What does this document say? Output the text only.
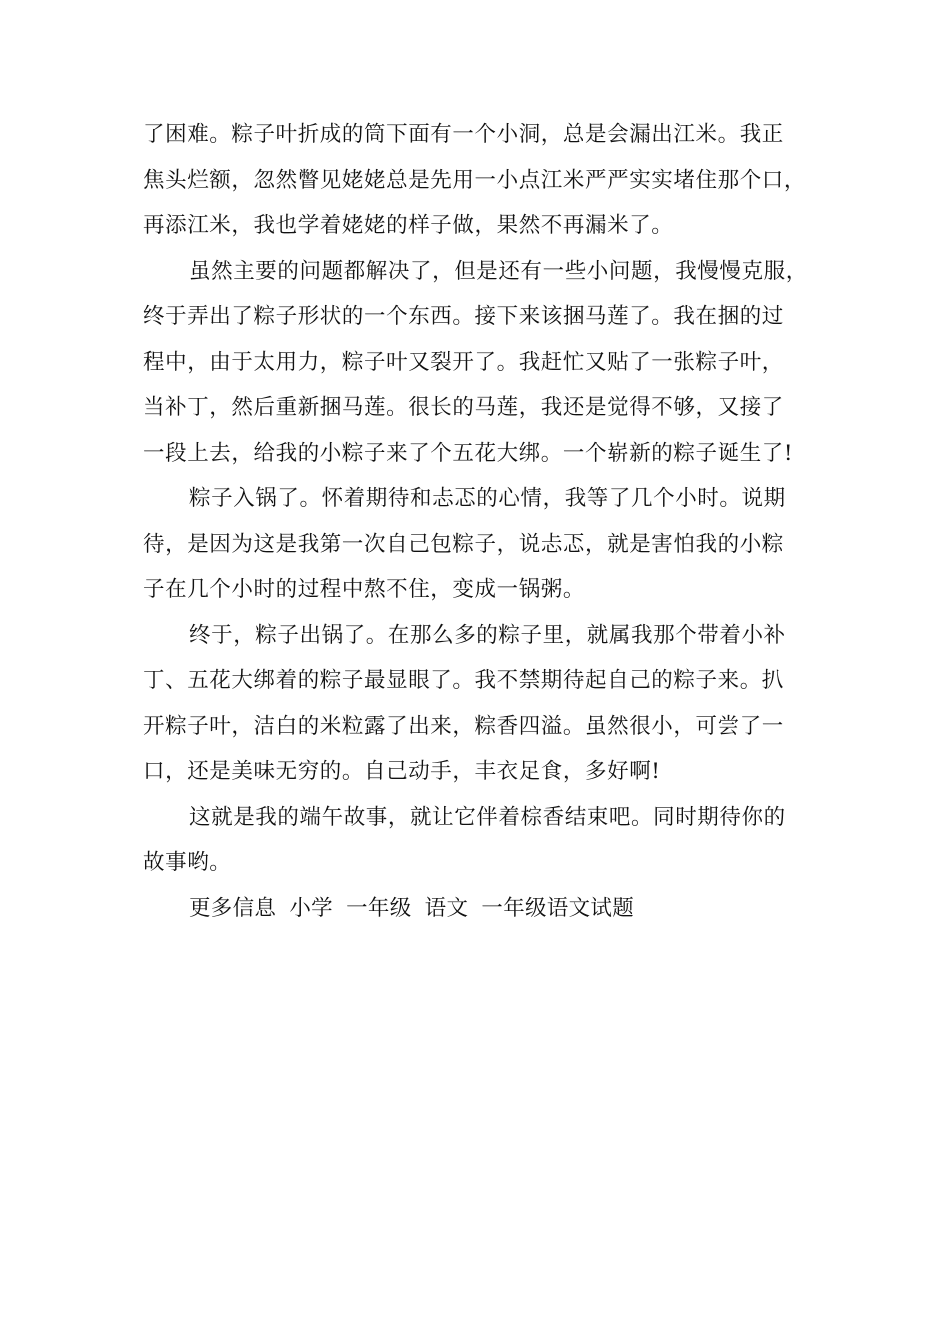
了困难。粽子叶折成的筒下面有一个小洞，总是会漏出江米。我正
焦头烂额，忽然瞥见姥姥总是先用一小点江米严严实实堵住那个口，
再添江米，我也学着姥姥的样子做，果然不再漏米了。

虽然主要的问题都解决了，但是还有一些小问题，我慢慢克服，
终于弄出了粽子形状的一个东西。接下来该捆马莲了。我在捆的过
程中，由于太用力，粽子叶又裂开了。我赶忙又贴了一张粽子叶，
当补丁，然后重新捆马莲。很长的马莲，我还是觉得不够，又接了
一段上去，给我的小粽子来了个五花大绑。一个崭新的粽子诞生了!

粽子入锅了。怀着期待和忐忑的心情，我等了几个小时。说期
待，是因为这是我第一次自己包粽子，说忐忑，就是害怕我的小粽
子在几个小时的过程中熬不住，变成一锅粥。

终于，粽子出锅了。在那么多的粽子里，就属我那个带着小补
丁、五花大绑着的粽子最显眼了。我不禁期待起自己的粽子来。扒
开粽子叶，洁白的米粒露了出来，粽香四溢。虽然很小，可尝了一
口，还是美味无穷的。自己动手，丰衣足食，多好啊!

这就是我的端午故事，就让它伴着棕香结束吧。同时期待你的
故事哟。

更多信息 小学 一年级 语文 一年级语文试题
